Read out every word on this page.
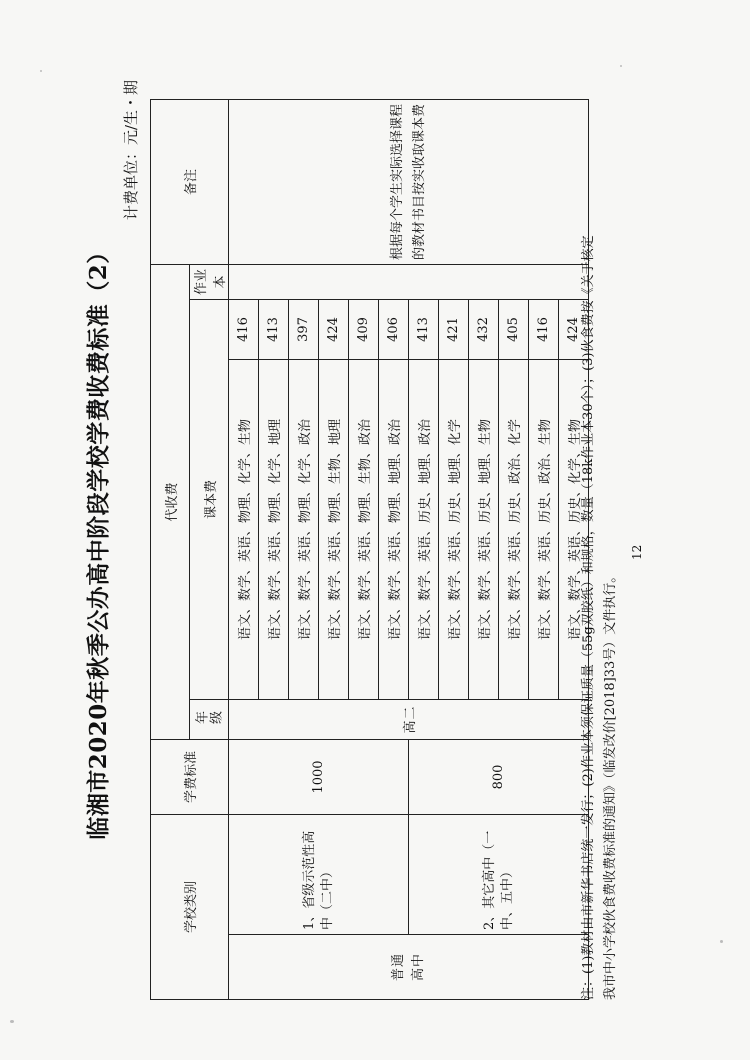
临湘市2020年秋季公办高中阶段学校学费收费标准（2）
计费单位：元/生・期
学校类别		学费标准	代收费				备注

			年级	课本费		作业本	

普通高中	1、省级示范性高中（二中）	1000	高二	语文、数学、英语、物理、化学、生物	416		根据每个学生实际选择课程的教材书目按实收取课本费
				语文、数学、英语、物理、化学、地理	413		
				语文、数学、英语、物理、化学、政治	397		
				语文、数学、英语、物理、生物、地理	424		
				语文、数学、英语、物理、生物、政治	409		
				语文、数学、英语、物理、地理、政治	406		
	2、其它高中（一中、五中）	800		语文、数学、英语、历史、地理、政治	413		
				语文、数学、英语、历史、地理、化学	421		
				语文、数学、英语、历史、地理、生物	432		
				语文、数学、英语、历史、政治、化学	405		
				语文、数学、英语、历史、政治、生物	416		
				语文、数学、英语、历史、化学、生物	424		注：(1)教材由市新华书店统一发行；(2)作业本须保证质量（55g双胶纸）和规格，数量（18k作业本30个）；(3)伙食费按《关于核定 我市中小学校伙食费收费标准的通知》（临发改价[2018]33号）文件执行。
12
